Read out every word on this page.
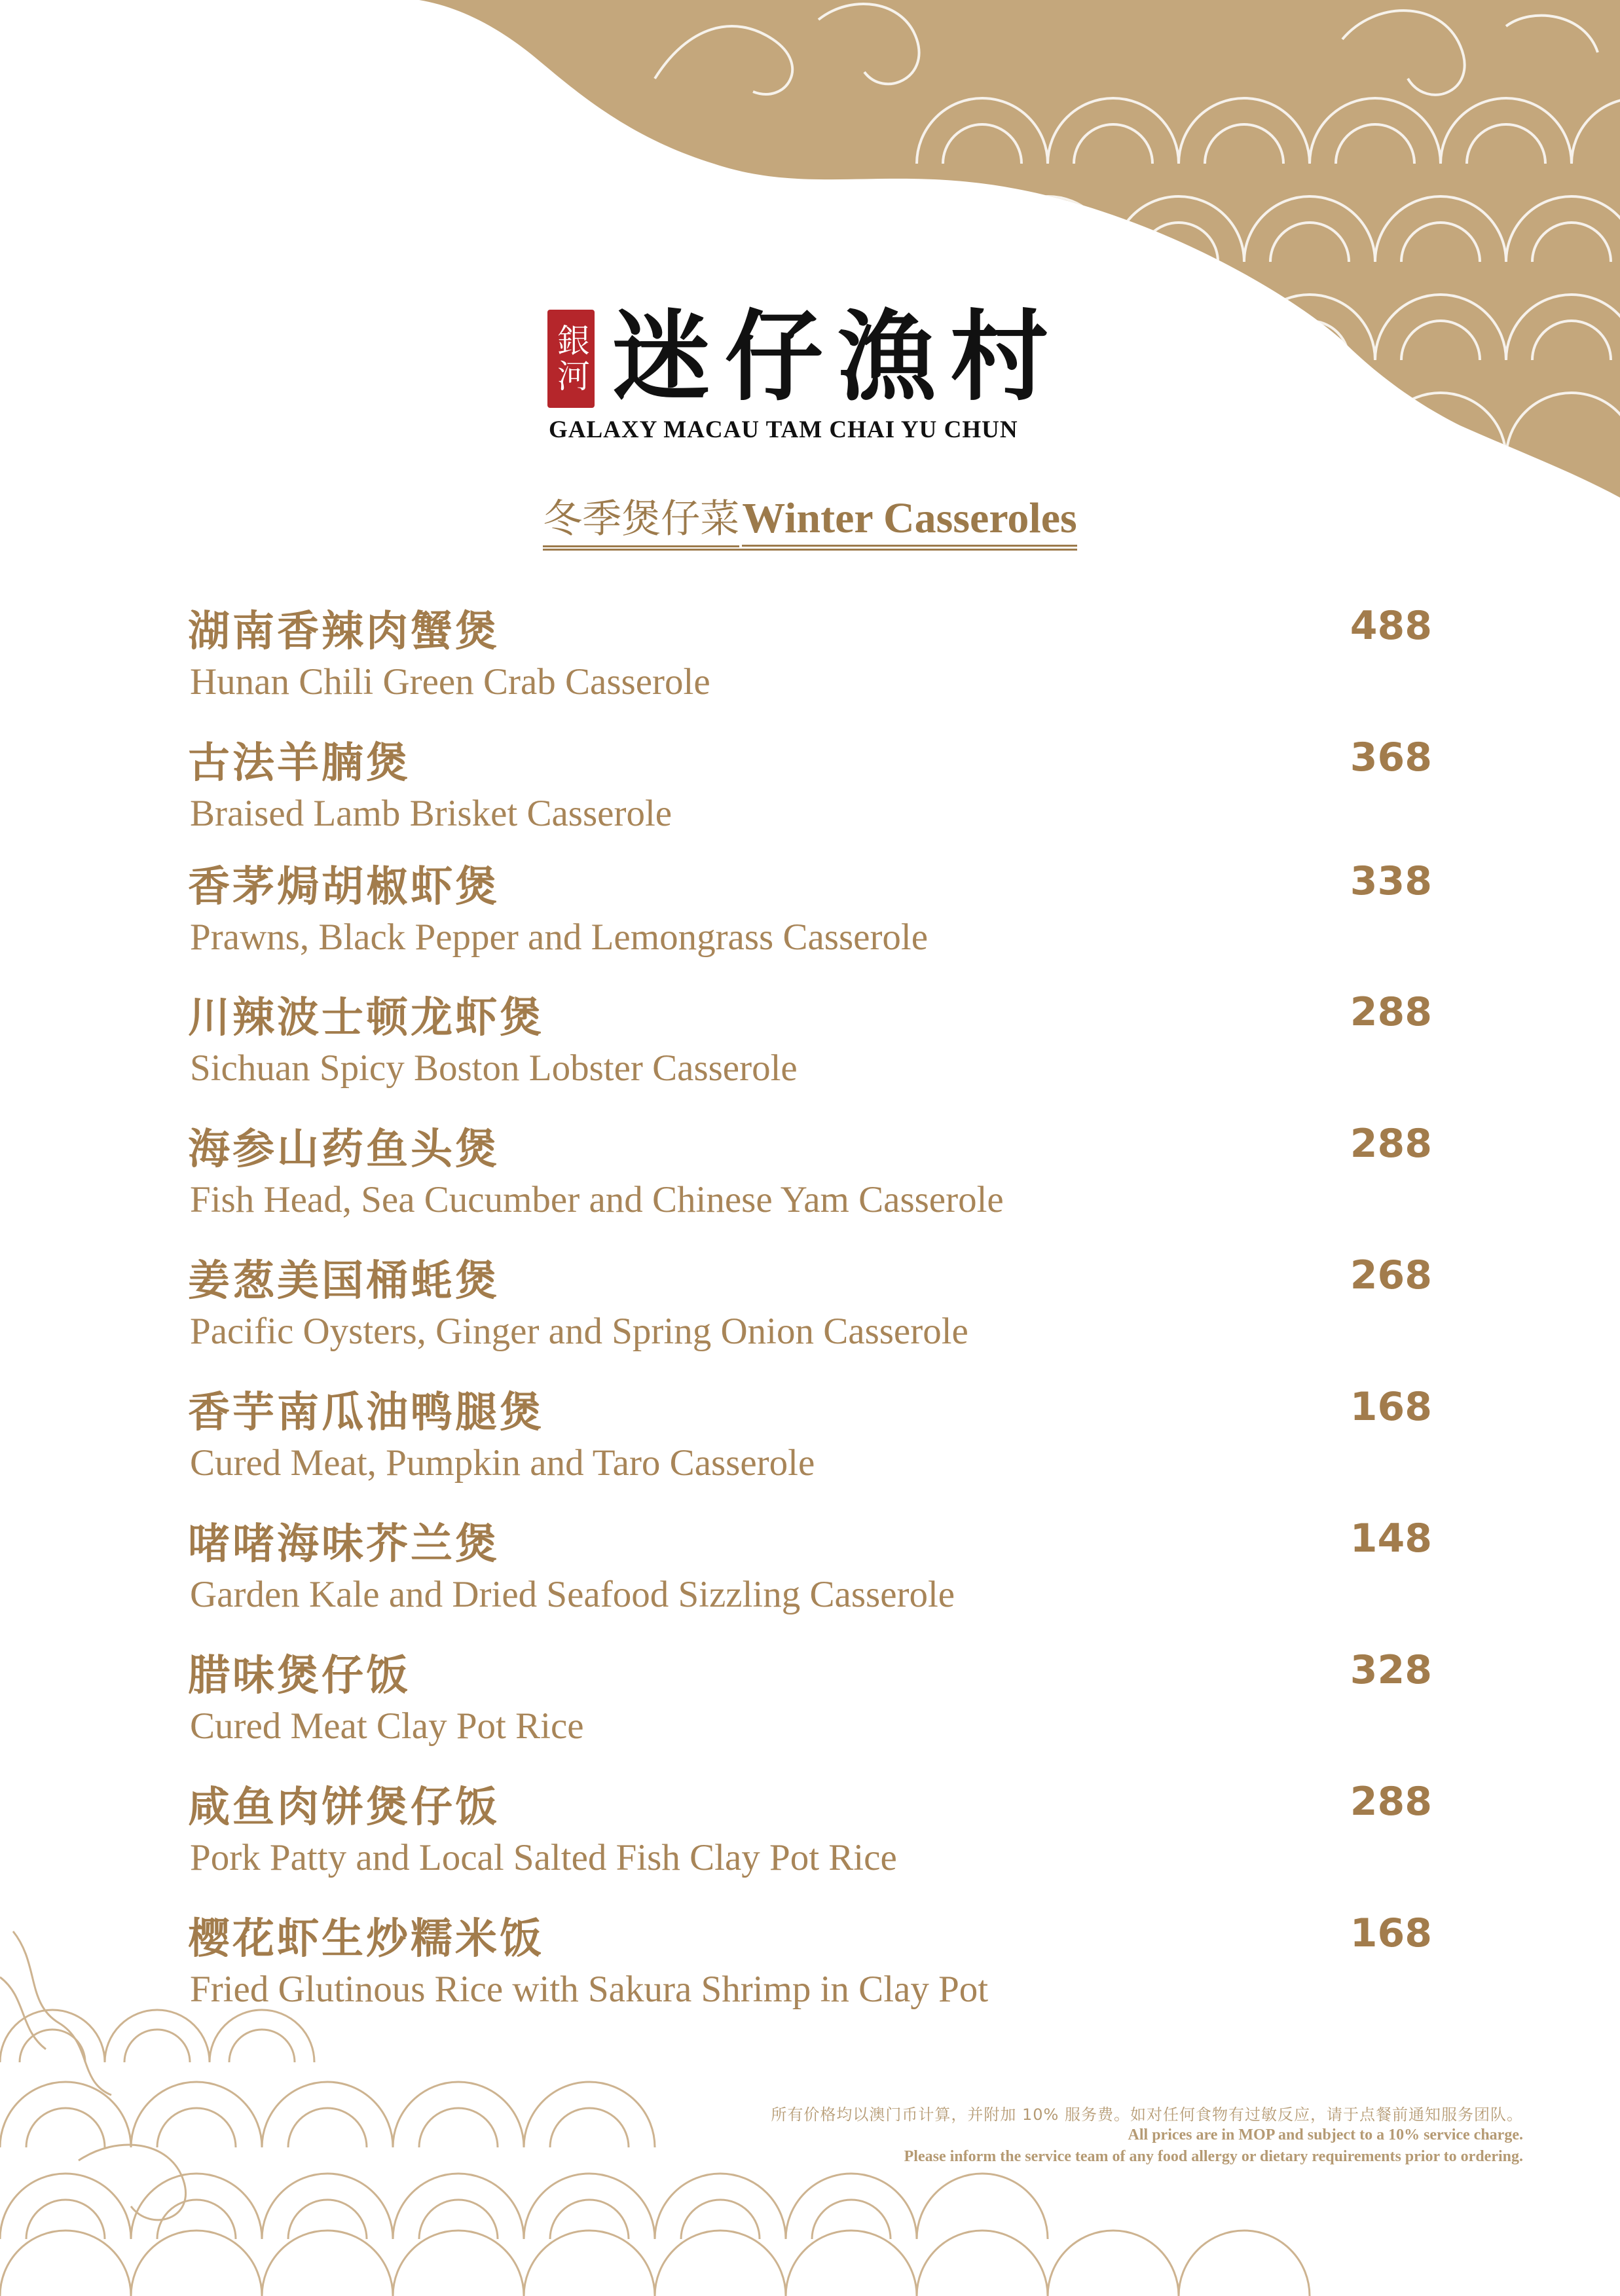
銀河 迷仔漁村
GALAXY MACAU TAM CHAI YU CHUN
冬季煲仔菜 Winter Casseroles
湖南香辣肉蟹煲	488
Hunan Chili Green Crab Casserole
古法羊腩煲	368
Braised Lamb Brisket Casserole
香茅焗胡椒虾煲	338
Prawns, Black Pepper and Lemongrass Casserole
川辣波士顿龙虾煲	288
Sichuan Spicy Boston Lobster Casserole
海参山药鱼头煲	288
Fish Head, Sea Cucumber and Chinese Yam Casserole
姜葱美国桶蚝煲	268
Pacific Oysters, Ginger and Spring Onion Casserole
香芋南瓜油鸭腿煲	168
Cured Meat, Pumpkin and Taro Casserole
啫啫海味芥兰煲	148
Garden Kale and Dried Seafood Sizzling Casserole
腊味煲仔饭	328
Cured Meat Clay Pot Rice
咸鱼肉饼煲仔饭	288
Pork Patty and Local Salted Fish Clay Pot Rice
樱花虾生炒糯米饭	168
Fried Glutinous Rice with Sakura Shrimp in Clay Pot
所有价格均以澳门币计算，并附加 10% 服务费。如对任何食物有过敏反应，请于点餐前通知服务团队。
All prices are in MOP and subject to a 10% service charge.
Please inform the service team of any food allergy or dietary requirements prior to ordering.
